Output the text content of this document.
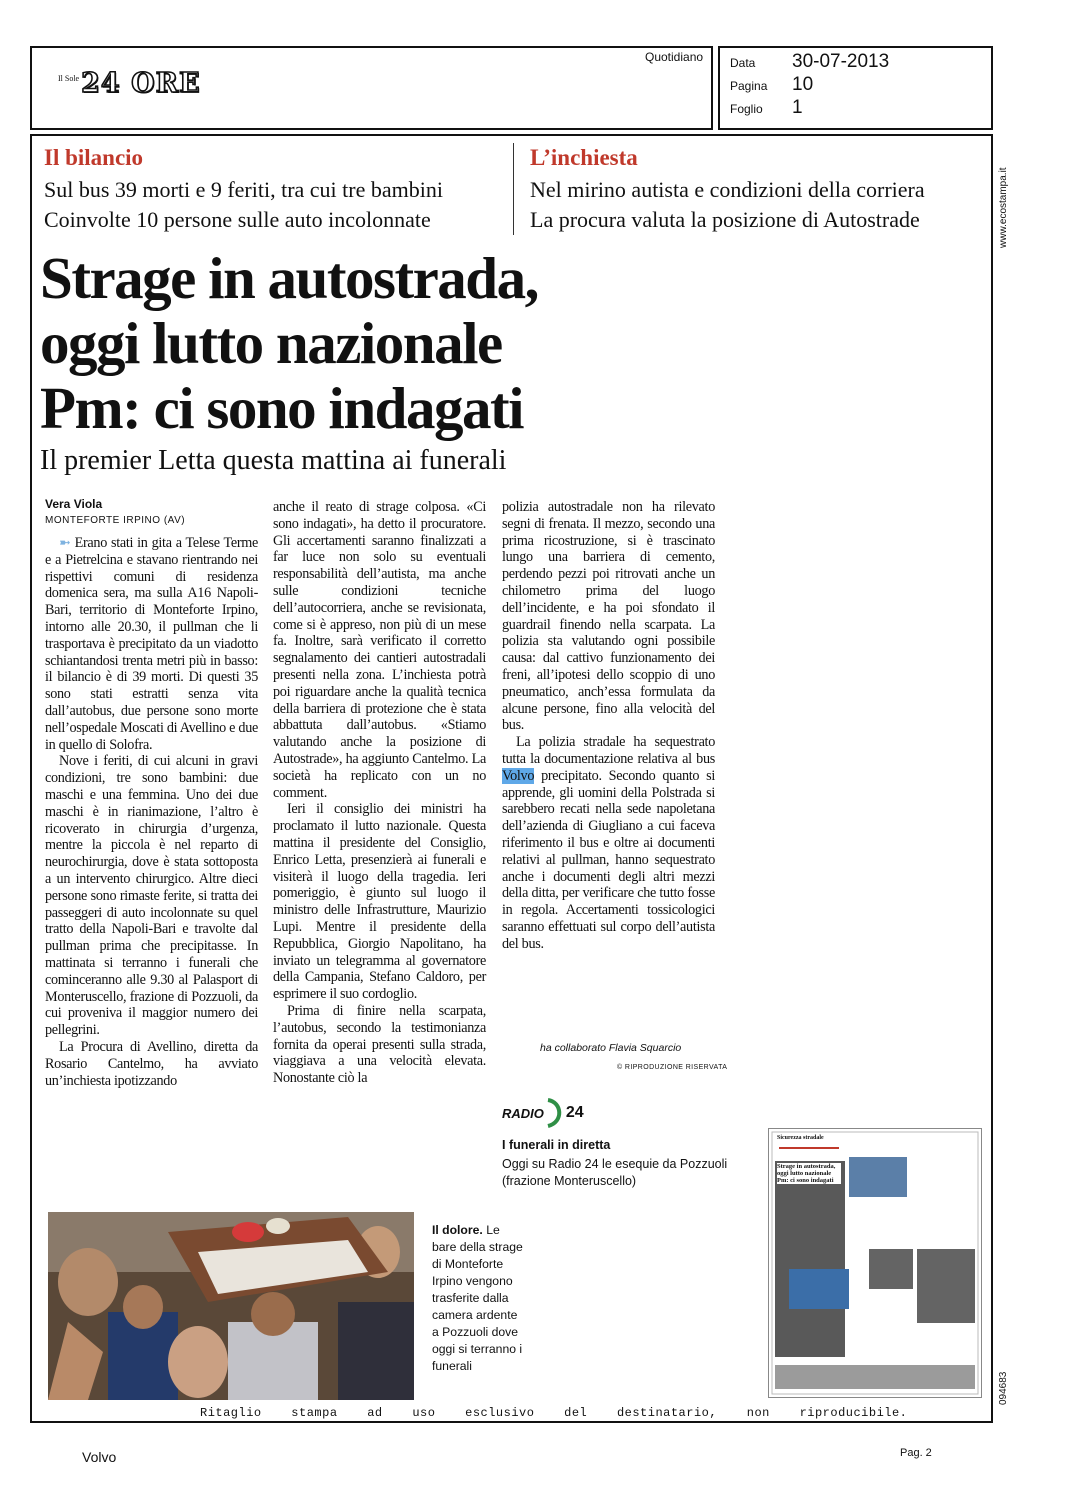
Il Sole 24 ORE
Quotidiano Data 30-07-2013
Pagina 10
Foglio 1
www.ecostampa.it
094683
Il bilancio
Sul bus 39 morti e 9 feriti, tra cui tre bambini
Coinvolte 10 persone sulle auto incolonnate
L’inchiesta
Nel mirino autista e condizioni della corriera
La procura valuta la posizione di Autostrade
Strage in autostrada,
oggi lutto nazionale
Pm: ci sono indagati
Il premier Letta questa mattina ai funerali
Vera Viola
MONTEFORTE IRPINO (AV)

➼ Erano stati in gita a Telese Terme e a Pietrelcina e stavano rientrando nei rispettivi comuni di residenza domenica sera, ma sulla A16 Napoli-Bari, territorio di Monteforte Irpino, intorno alle 20.30, il pullman che li trasportava è precipitato da un viadotto schiantandosi trenta metri più in basso: il bilancio è di 39 morti. Di questi 35 sono stati estratti senza vita dall’autobus, due persone sono morte nell’ospedale Moscati di Avellino e due in quello di Solofra.

Nove i feriti, di cui alcuni in gravi condizioni, tre sono bambini: due maschi e una femmina. Uno dei due maschi è in rianimazione, l’altro è ricoverato in chirurgia d’urgenza, mentre la piccola è nel reparto di neurochirurgia, dove è stata sottoposta a un intervento chirurgico. Altre dieci persone sono rimaste ferite, si tratta dei passeggeri di auto incolonnate su quel tratto della Napoli-Bari e travolte dal pullman prima che precipitasse. In mattinata si terranno i funerali che cominceranno alle 9.30 al Palasport di Monteruscello, frazione di Pozzuoli, da cui proveniva il maggior numero dei pellegrini.

La Procura di Avellino, diretta da Rosario Cantelmo, ha avviato un’inchiesta ipotizzando

anche il reato di strage colposa. «Ci sono indagati», ha detto il procuratore. Gli accertamenti saranno finalizzati a far luce non solo su eventuali responsabilità dell’autista, ma anche sulle condizioni tecniche dell’autocorriera, anche se revisionata, come si è appreso, non più di un mese fa. Inoltre, sarà verificato il corretto segnalamento dei cantieri autostradali presenti nella zona. L’inchiesta potrà poi riguardare anche la qualità tecnica della barriera di protezione che è stata abbattuta dall’autobus. «Stiamo valutando anche la posizione di Autostrade», ha aggiunto Cantelmo. La società ha replicato con un no comment.

Ieri il consiglio dei ministri ha proclamato il lutto nazionale. Questa mattina il presidente del Consiglio, Enrico Letta, presenzierà ai funerali e visiterà il luogo della tragedia. Ieri pomeriggio, è giunto sul luogo il ministro delle Infrastrutture, Maurizio Lupi. Mentre il presidente della Repubblica, Giorgio Napolitano, ha inviato un telegramma al governatore della Campania, Stefano Caldoro, per esprimere il suo cordoglio.

Prima di finire nella scarpata, l’autobus, secondo la testimonianza fornita da operai presenti sulla strada, viaggiava a una velocità elevata. Nonostante ciò la

polizia autostradale non ha rilevato segni di frenata. Il mezzo, secondo una prima ricostruzione, si è trascinato lungo una barriera di cemento, perdendo pezzi poi ritrovati anche un chilometro prima del luogo dell’incidente, e ha poi sfondato il guardrail finendo nella scarpata. La polizia sta valutando ogni possibile causa: dal cattivo funzionamento dei freni, all’ipotesi dello scoppio di uno pneumatico, anch’essa formulata da alcune persone, fino alla velocità del bus.

La polizia stradale ha sequestrato tutta la documentazione relativa al bus Volvo precipitato. Secondo quanto si apprende, gli uomini della Polstrada si sarebbero recati nella sede napoletana dell’azienda di Giugliano a cui faceva riferimento il bus e oltre ai documenti relativi al pullman, hanno sequestrato anche i documenti degli altri mezzi della ditta, per verificare che tutto fosse in regola. Accertamenti tossicologici saranno effettuati sul corpo dell’autista del bus.

ha collaborato Flavia Squarcio
© RIPRODUZIONE RISERVATA
RADIO 24
I funerali in diretta
Oggi su Radio 24 le esequie da Pozzuoli (frazione Monteruscello)
Il dolore. Le bare della strage di Monteforte Irpino vengono trasferite dalla camera ardente a Pozzuoli dove oggi si terranno i funerali
Sicurezza stradale
Strage in autostrada, oggi lutto nazionale Pm: ci sono indagati
Ritaglio stampa ad uso esclusivo del destinatario, non riproducibile.
Volvo	Pag. 2
